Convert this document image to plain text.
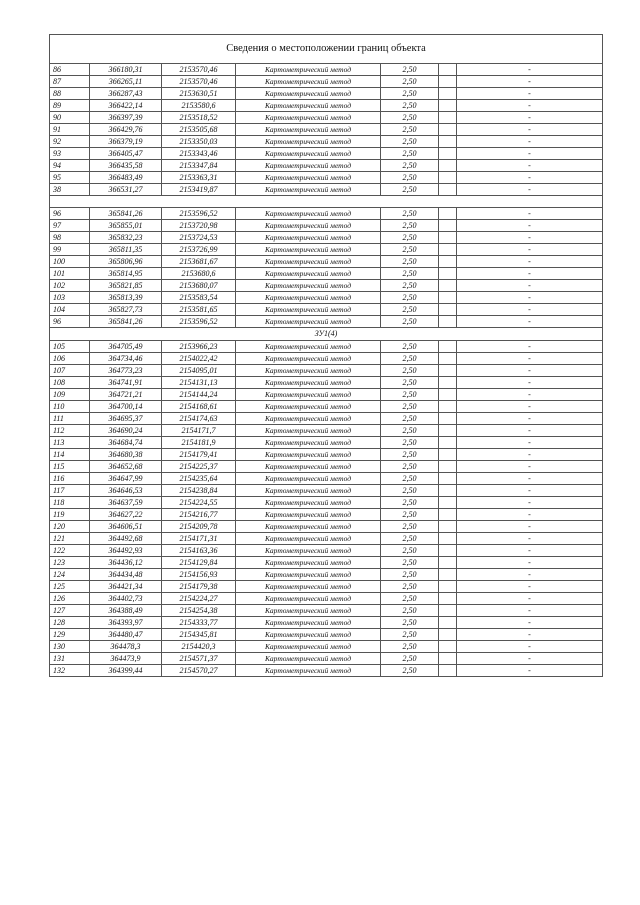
Сведения о местоположении границ объекта						
86	366180,31	2153570,46	Картометрический метод	2,50		-
87	366265,11	2153570,46	Картометрический метод	2,50		-
88	366287,43	2153630,51	Картометрический метод	2,50		-
89	366422,14	2153580,6	Картометрический метод	2,50		-
90	366397,39	2153518,52	Картометрический метод	2,50		-
91	366429,76	2153505,68	Картометрический метод	2,50		-
92	366379,19	2153350,03	Картометрический метод	2,50		-
93	366405,47	2153343,46	Картометрический метод	2,50		-
94	366435,58	2153347,84	Картометрический метод	2,50		-
95	366483,49	2153363,31	Картометрический метод	2,50		-
38	366531,27	2153419,87	Картометрический метод	2,50		-

96	365841,26	2153596,52	Картометрический метод	2,50		-
97	365855,01	2153720,98	Картометрический метод	2,50		-
98	365832,23	2153724,53	Картометрический метод	2,50		-
99	365811,35	2153726,99	Картометрический метод	2,50		-
100	365806,96	2153681,67	Картометрический метод	2,50		-
101	365814,95	2153680,6	Картометрический метод	2,50		-
102	365821,85	2153680,07	Картометрический метод	2,50		-
103	365813,39	2153583,54	Картометрический метод	2,50		-
104	365827,73	2153581,65	Картометрический метод	2,50		-
96	365841,26	2153596,52	Картометрический метод	2,50		-
ЗУ1(4)						
105	364705,49	2153966,23	Картометрический метод	2,50		-
106	364734,46	2154022,42	Картометрический метод	2,50		-
107	364773,23	2154095,01	Картометрический метод	2,50		-
108	364741,91	2154131,13	Картометрический метод	2,50		-
109	364721,21	2154144,24	Картометрический метод	2,50		-
110	364700,14	2154168,61	Картометрический метод	2,50		-
111	364695,37	2154174,63	Картометрический метод	2,50		-
112	364690,24	2154171,7	Картометрический метод	2,50		-
113	364684,74	2154181,9	Картометрический метод	2,50		-
114	364680,38	2154179,41	Картометрический метод	2,50		-
115	364652,68	2154225,37	Картометрический метод	2,50		-
116	364647,99	2154235,64	Картометрический метод	2,50		-
117	364646,53	2154238,84	Картометрический метод	2,50		-
118	364637,59	2154224,55	Картометрический метод	2,50		-
119	364627,22	2154216,77	Картометрический метод	2,50		-
120	364606,51	2154209,78	Картометрический метод	2,50		-
121	364492,68	2154171,31	Картометрический метод	2,50		-
122	364492,93	2154163,36	Картометрический метод	2,50		-
123	364436,12	2154129,84	Картометрический метод	2,50		-
124	364434,48	2154156,93	Картометрический метод	2,50		-
125	364421,34	2154179,38	Картометрический метод	2,50		-
126	364402,73	2154224,27	Картометрический метод	2,50		-
127	364388,49	2154254,38	Картометрический метод	2,50		-
128	364393,97	2154333,77	Картометрический метод	2,50		-
129	364480,47	2154345,81	Картометрический метод	2,50		-
130	364478,3	2154420,3	Картометрический метод	2,50		-
131	364473,9	2154571,37	Картометрический метод	2,50		-
132	364399,44	2154570,27	Картометрический метод	2,50		-
